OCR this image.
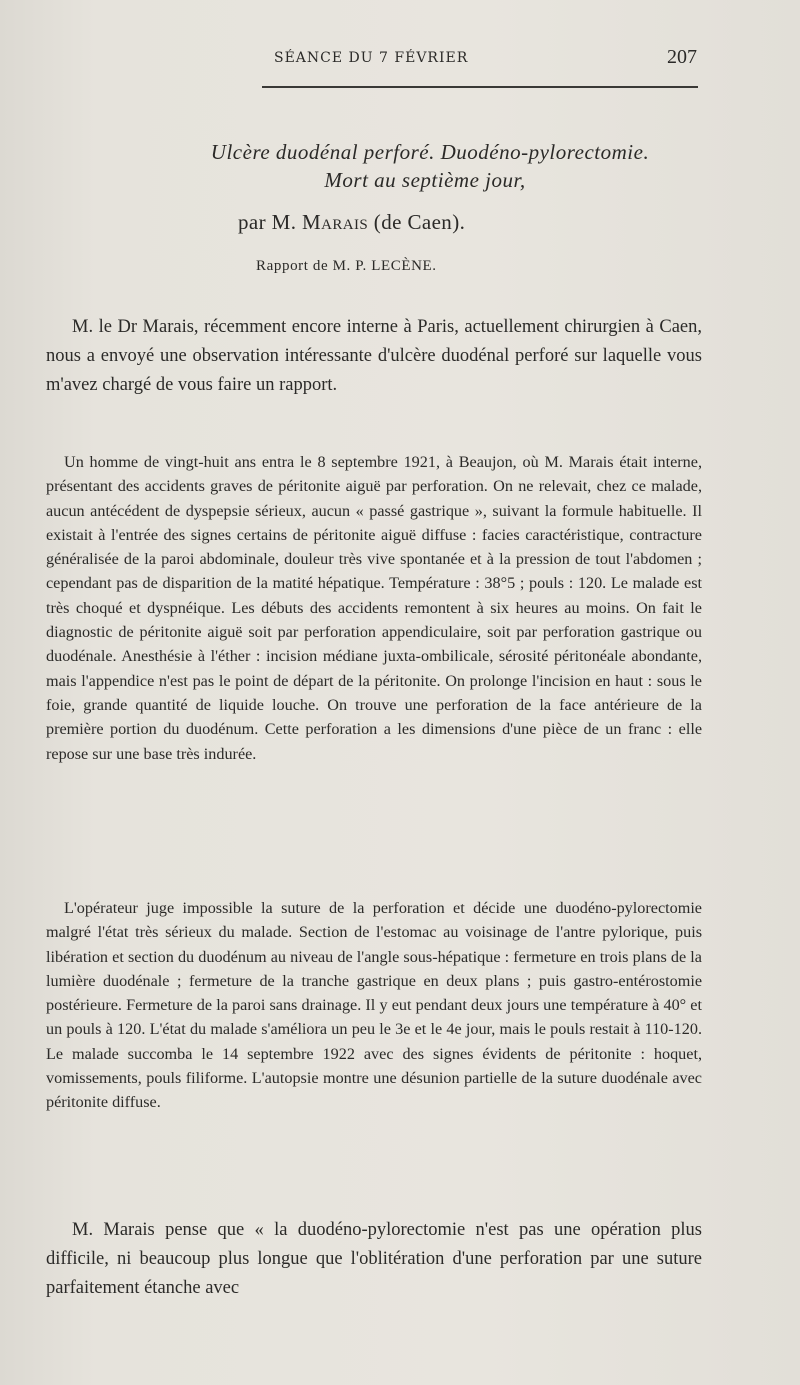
SÉANCE DU 7 FÉVRIER	207
Ulcère duodénal perforé. Duodéno-pylorectomie.
Mort au septième jour,
par M. Marais (de Caen).
Rapport de M. P. LECÈNE.

M. le Dr Marais, récemment encore interne à Paris, actuellement chirurgien à Caen, nous a envoyé une observation intéressante d'ulcère duodénal perforé sur laquelle vous m'avez chargé de vous faire un rapport.

Un homme de vingt-huit ans entra le 8 septembre 1921, à Beaujon, où M. Marais était interne, présentant des accidents graves de péritonite aiguë par perforation. On ne relevait, chez ce malade, aucun antécédent de dyspepsie sérieux, aucun « passé gastrique », suivant la formule habituelle. Il existait à l'entrée des signes certains de péritonite aiguë diffuse : facies caractéristique, contracture généralisée de la paroi abdominale, douleur très vive spontanée et à la pression de tout l'abdomen ; cependant pas de disparition de la matité hépatique. Température : 38°5 ; pouls : 120. Le malade est très choqué et dyspnéique. Les débuts des accidents remontent à six heures au moins. On fait le diagnostic de péritonite aiguë soit par perforation appendiculaire, soit par perforation gastrique ou duodénale. Anesthésie à l'éther : incision médiane juxta-ombilicale, sérosité péritonéale abondante, mais l'appendice n'est pas le point de départ de la péritonite. On prolonge l'incision en haut : sous le foie, grande quantité de liquide louche. On trouve une perforation de la face antérieure de la première portion du duodénum. Cette perforation a les dimensions d'une pièce de un franc : elle repose sur une base très indurée.

L'opérateur juge impossible la suture de la perforation et décide une duodéno-pylorectomie malgré l'état très sérieux du malade. Section de l'estomac au voisinage de l'antre pylorique, puis libération et section du duodénum au niveau de l'angle sous-hépatique : fermeture en trois plans de la lumière duodénale ; fermeture de la tranche gastrique en deux plans ; puis gastro-entérostomie postérieure. Fermeture de la paroi sans drainage. Il y eut pendant deux jours une température à 40° et un pouls à 120. L'état du malade s'améliora un peu le 3e et le 4e jour, mais le pouls restait à 110-120. Le malade succomba le 14 septembre 1922 avec des signes évidents de péritonite : hoquet, vomissements, pouls filiforme. L'autopsie montre une désunion partielle de la suture duodénale avec péritonite diffuse.

M. Marais pense que « la duodéno-pylorectomie n'est pas une opération plus difficile, ni beaucoup plus longue que l'oblitération d'une perforation par une suture parfaitement étanche avec
